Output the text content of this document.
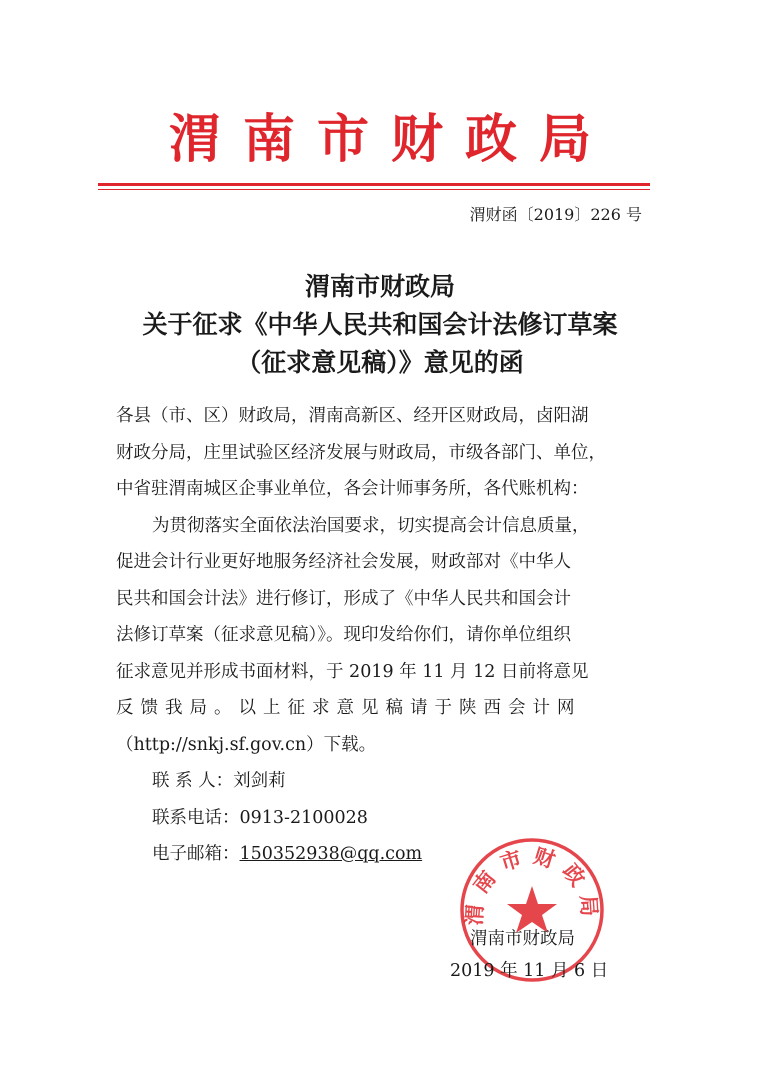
渭南市财政局
渭财函〔2019〕226 号
渭南市财政局
关于征求《中华人民共和国会计法修订草案
（征求意见稿）》意见的函

各县（市、区）财政局，渭南高新区、经开区财政局，卤阳湖

财政分局，庄里试验区经济发展与财政局，市级各部门、单位，

中省驻渭南城区企事业单位，各会计师事务所，各代账机构：

为贯彻落实全面依法治国要求，切实提高会计信息质量，

促进会计行业更好地服务经济社会发展，财政部对《中华人

民共和国会计法》进行修订，形成了《中华人民共和国会计

法修订草案（征求意见稿）》。现印发给你们，请你单位组织

征求意见并形成书面材料，于 2019 年 11 月 12 日前将意见

反馈我局。以上征求意见稿请于陕西会计网

（http://snkj.sf.gov.cn）下载。

联 系 人：刘剑莉

联系电话：0913-2100028

电子邮箱：150352938@qq.com

渭南市财政局
渭南市财政局
2019 年 11 月 6 日
